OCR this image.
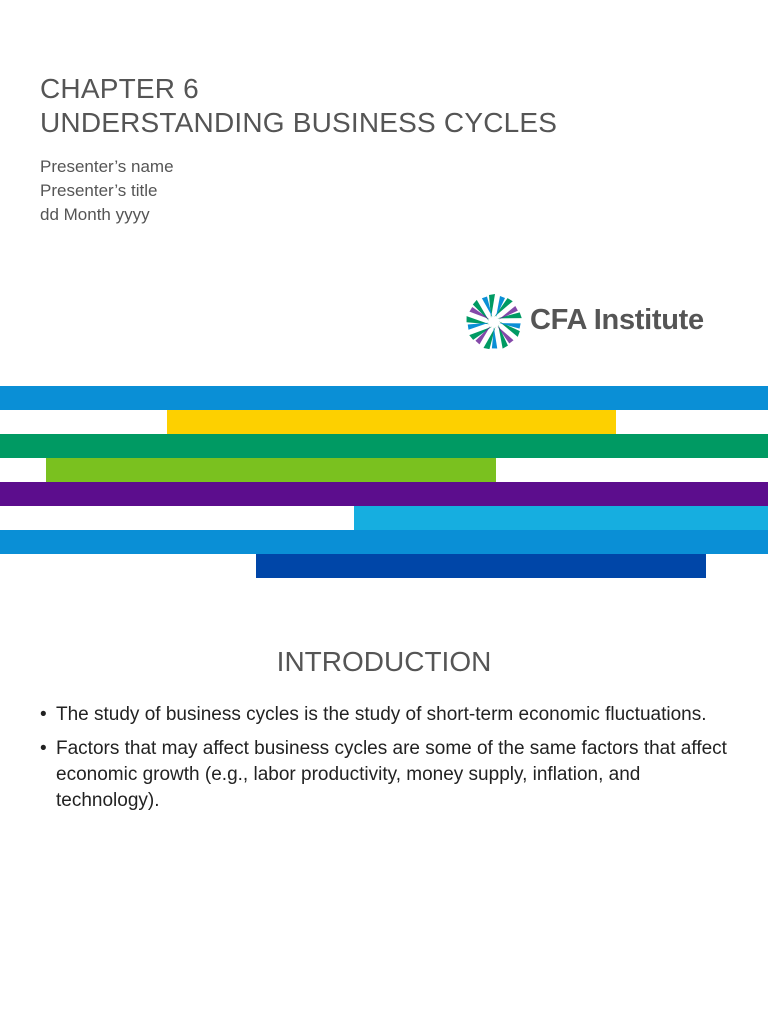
CHAPTER 6
UNDERSTANDING BUSINESS CYCLES
Presenter’s name
Presenter’s title
dd Month yyyy
CFA Institute
INTRODUCTION
• The study of business cycles is the study of short-term economic fluctuations.
• Factors that may affect business cycles are some of the same factors that affect economic growth (e.g., labor productivity, money supply, inflation, and technology).
